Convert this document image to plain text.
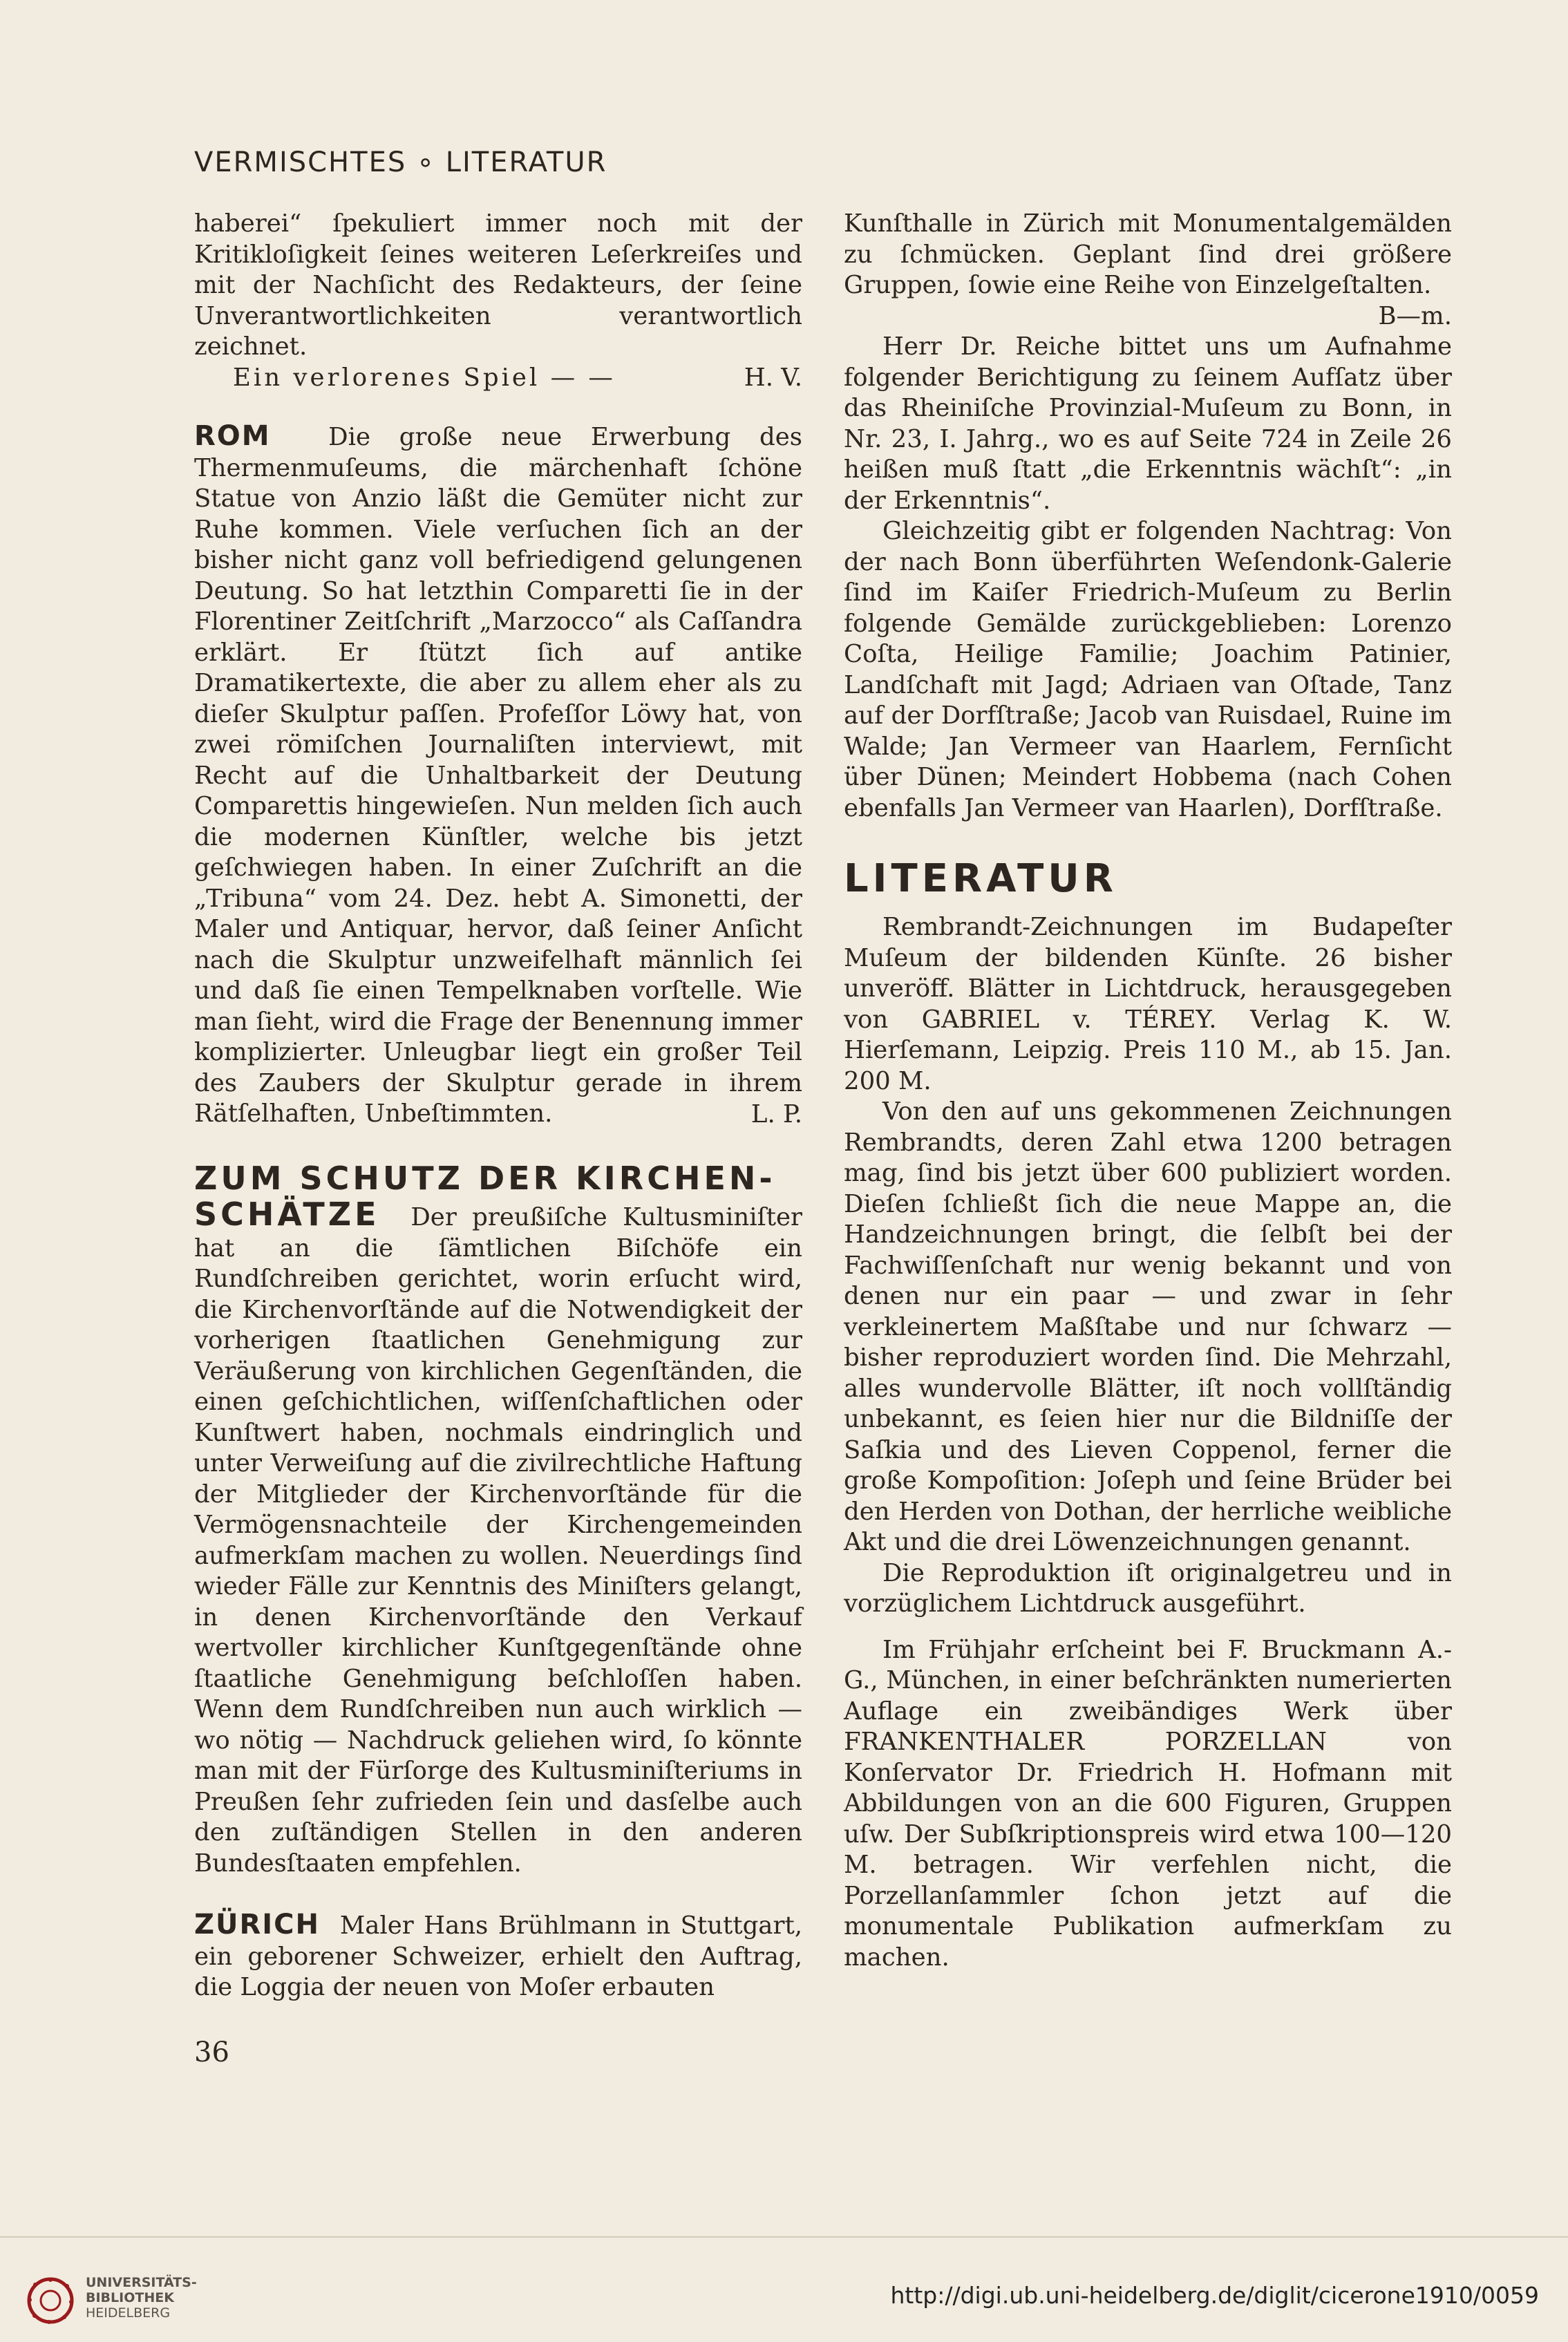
VERMISCHTES ∘ LITERATUR

haberei“ ſpekuliert immer noch mit der Kritikloſigkeit ſeines weiteren Leſerkreiſes und mit der Nachſicht des Redakteurs, der ſeine Unverantwortlichkeiten verantwortlich zeichnet.

Ein verlorenes Spiel — —	H. V.

ROM Die große neue Erwerbung des Thermenmuſeums, die märchenhaft ſchöne Statue von Anzio läßt die Gemüter nicht zur Ruhe kommen. Viele verſuchen ſich an der bisher nicht ganz voll befriedigend gelungenen Deutung. So hat letzthin Comparetti ſie in der Florentiner Zeitſchrift „Marzocco“ als Caſſandra erklärt. Er ſtützt ſich auf antike Dramatikertexte, die aber zu allem eher als zu dieſer Skulptur paſſen. Profeſſor Löwy hat, von zwei römiſchen Journaliſten interviewt, mit Recht auf die Unhaltbarkeit der Deutung Comparettis hingewieſen. Nun melden ſich auch die modernen Künſtler, welche bis jetzt geſchwiegen haben. In einer Zuſchrift an die „Tribuna“ vom 24. Dez. hebt A. Simonetti, der Maler und Antiquar, hervor, daß ſeiner Anſicht nach die Skulptur unzweifelhaft männlich ſei und daß ſie einen Tempelknaben vorſtelle. Wie man ſieht, wird die Frage der Benennung immer komplizierter. Unleugbar liegt ein großer Teil des Zaubers der Skulptur gerade in ihrem Rätſelhaften, Unbeſtimmten.	L. P.
ZUM SCHUTZ DER KIRCHEN-

SCHÄTZE Der preußiſche Kultusminiſter hat an die ſämtlichen Biſchöfe ein Rundſchreiben gerichtet, worin erſucht wird, die Kirchenvorſtände auf die Notwendigkeit der vorherigen ſtaatlichen Genehmigung zur Veräußerung von kirchlichen Gegenſtänden, die einen geſchichtlichen, wiſſenſchaftlichen oder Kunſtwert haben, nochmals eindringlich und unter Verweiſung auf die zivilrechtliche Haftung der Mitglieder der Kirchenvorſtände für die Vermögensnachteile der Kirchengemeinden aufmerkſam machen zu wollen. Neuerdings ſind wieder Fälle zur Kenntnis des Miniſters gelangt, in denen Kirchenvorſtände den Verkauf wertvoller kirchlicher Kunſtgegenſtände ohne ſtaatliche Genehmigung beſchloſſen haben. Wenn dem Rundſchreiben nun auch wirklich — wo nötig — Nachdruck geliehen wird, ſo könnte man mit der Fürſorge des Kultusminiſteriums in Preußen ſehr zufrieden ſein und dasſelbe auch den zuſtändigen Stellen in den anderen Bundesſtaaten empfehlen.

ZÜRICH Maler Hans Brühlmann in Stuttgart, ein geborener Schweizer, erhielt den Auftrag, die Loggia der neuen von Moſer erbauten

Kunſthalle in Zürich mit Monumentalgemälden zu ſchmücken. Geplant ſind drei größere Gruppen, ſowie eine Reihe von Einzelgeſtalten.

B—m.

Herr Dr. Reiche bittet uns um Aufnahme folgender Berichtigung zu ſeinem Aufſatz über das Rheiniſche Provinzial-Muſeum zu Bonn, in Nr. 23, I. Jahrg., wo es auf Seite 724 in Zeile 26 heißen muß ſtatt „die Erkenntnis wächſt“: „in der Erkenntnis“.

Gleichzeitig gibt er folgenden Nachtrag: Von der nach Bonn überführten Weſendonk-Galerie ſind im Kaiſer Friedrich-Muſeum zu Berlin folgende Gemälde zurückgeblieben: Lorenzo Coſta, Heilige Familie; Joachim Patinier, Landſchaft mit Jagd; Adriaen van Oſtade, Tanz auf der Dorfſtraße; Jacob van Ruisdael, Ruine im Walde; Jan Vermeer van Haarlem, Fernſicht über Dünen; Meindert Hobbema (nach Cohen ebenfalls Jan Vermeer van Haarlen), Dorfſtraße.

LITERATUR

Rembrandt-Zeichnungen im Budapeſter Muſeum der bildenden Künſte. 26 bisher unveröff. Blätter in Lichtdruck, herausgegeben von GABRIEL v. TÉREY. Verlag K. W. Hierſemann, Leipzig. Preis 110 M., ab 15. Jan. 200 M.

Von den auf uns gekommenen Zeichnungen Rembrandts, deren Zahl etwa 1200 betragen mag, ſind bis jetzt über 600 publiziert worden. Dieſen ſchließt ſich die neue Mappe an, die Handzeichnungen bringt, die ſelbſt bei der Fachwiſſenſchaft nur wenig bekannt und von denen nur ein paar — und zwar in ſehr verkleinertem Maßſtabe und nur ſchwarz — bisher reproduziert worden ſind. Die Mehrzahl, alles wundervolle Blätter, iſt noch vollſtändig unbekannt, es ſeien hier nur die Bildniſſe der Saſkia und des Lieven Coppenol, ferner die große Kompoſition: Joſeph und ſeine Brüder bei den Herden von Dothan, der herrliche weibliche Akt und die drei Löwenzeichnungen genannt.

Die Reproduktion iſt originalgetreu und in vorzüglichem Lichtdruck ausgeführt.

Im Frühjahr erſcheint bei F. Bruckmann A.-G., München, in einer beſchränkten numerierten Auflage ein zweibändiges Werk über FRANKENTHALER PORZELLAN von Konſervator Dr. Friedrich H. Hofmann mit Abbildungen von an die 600 Figuren, Gruppen uſw. Der Subſkriptionspreis wird etwa 100—120 M. betragen. Wir verfehlen nicht, die Porzellanſammler ſchon jetzt auf die monumentale Publikation aufmerkſam zu machen.

36
UNIVERSITÄTS-
BIBLIOTHEK
HEIDELBERG
http://digi.ub.uni-heidelberg.de/diglit/cicerone1910/0059
